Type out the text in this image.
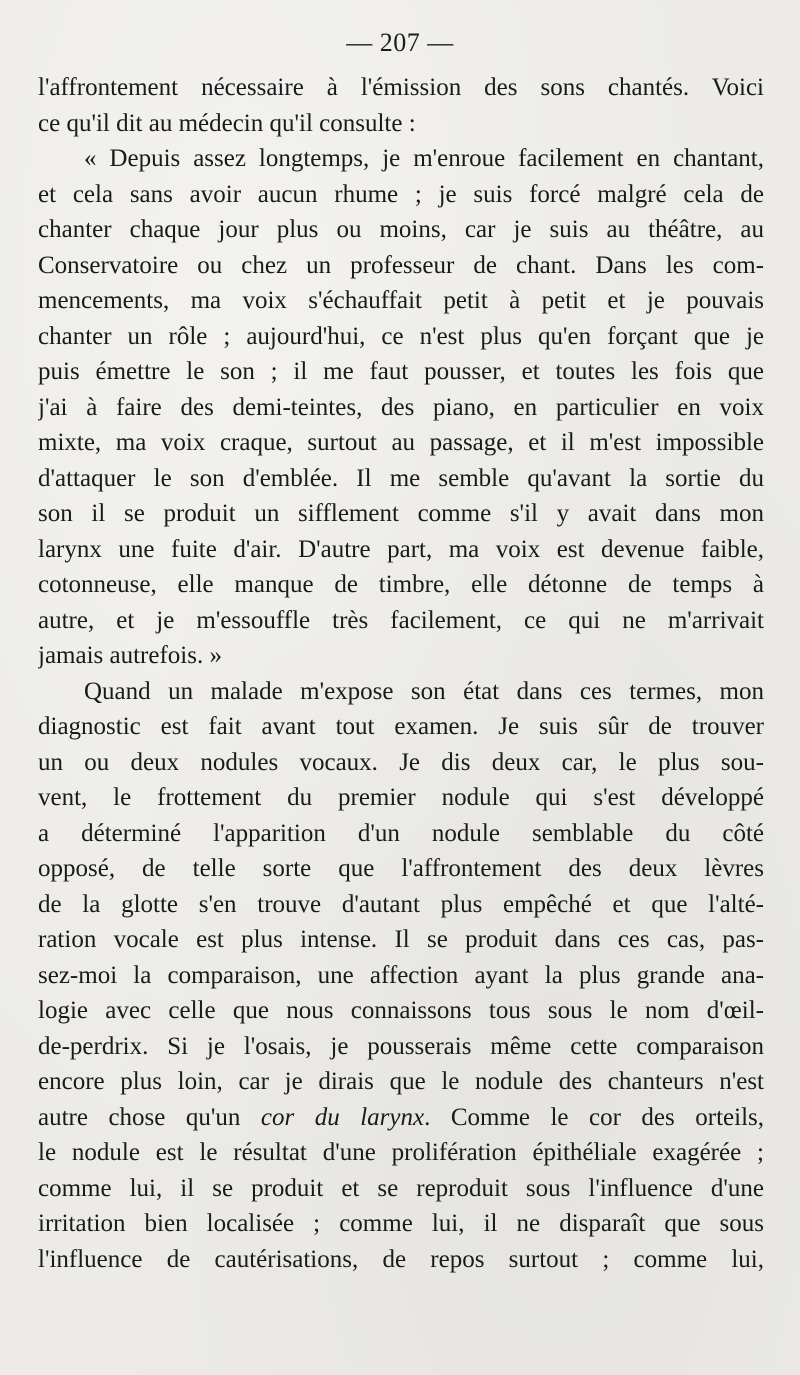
— 207 —
l'affrontement nécessaire à l'émission des sons chantés. Voici
ce qu'il dit au médecin qu'il consulte :
« Depuis assez longtemps, je m'enroue facilement en chantant,
et cela sans avoir aucun rhume ; je suis forcé malgré cela de
chanter chaque jour plus ou moins, car je suis au théâtre, au
Conservatoire ou chez un professeur de chant. Dans les com-
mencements, ma voix s'échauffait petit à petit et je pouvais
chanter un rôle ; aujourd'hui, ce n'est plus qu'en forçant que je
puis émettre le son ; il me faut pousser, et toutes les fois que
j'ai à faire des demi-teintes, des piano, en particulier en voix
mixte, ma voix craque, surtout au passage, et il m'est impossible
d'attaquer le son d'emblée. Il me semble qu'avant la sortie du
son il se produit un sifflement comme s'il y avait dans mon
larynx une fuite d'air. D'autre part, ma voix est devenue faible,
cotonneuse, elle manque de timbre, elle détonne de temps à
autre, et je m'essouffle très facilement, ce qui ne m'arrivait
jamais autrefois. »
Quand un malade m'expose son état dans ces termes, mon
diagnostic est fait avant tout examen. Je suis sûr de trouver
un ou deux nodules vocaux. Je dis deux car, le plus sou-
vent, le frottement du premier nodule qui s'est développé
a déterminé l'apparition d'un nodule semblable du côté
opposé, de telle sorte que l'affrontement des deux lèvres
de la glotte s'en trouve d'autant plus empêché et que l'alté-
ration vocale est plus intense. Il se produit dans ces cas, pas-
sez-moi la comparaison, une affection ayant la plus grande ana-
logie avec celle que nous connaissons tous sous le nom d'œil-
de-perdrix. Si je l'osais, je pousserais même cette comparaison
encore plus loin, car je dirais que le nodule des chanteurs n'est
autre chose qu'un cor du larynx. Comme le cor des orteils,
le nodule est le résultat d'une prolifération épithéliale exagérée ;
comme lui, il se produit et se reproduit sous l'influence d'une
irritation bien localisée ; comme lui, il ne disparaît que sous
l'influence de cautérisations, de repos surtout ; comme lui,
